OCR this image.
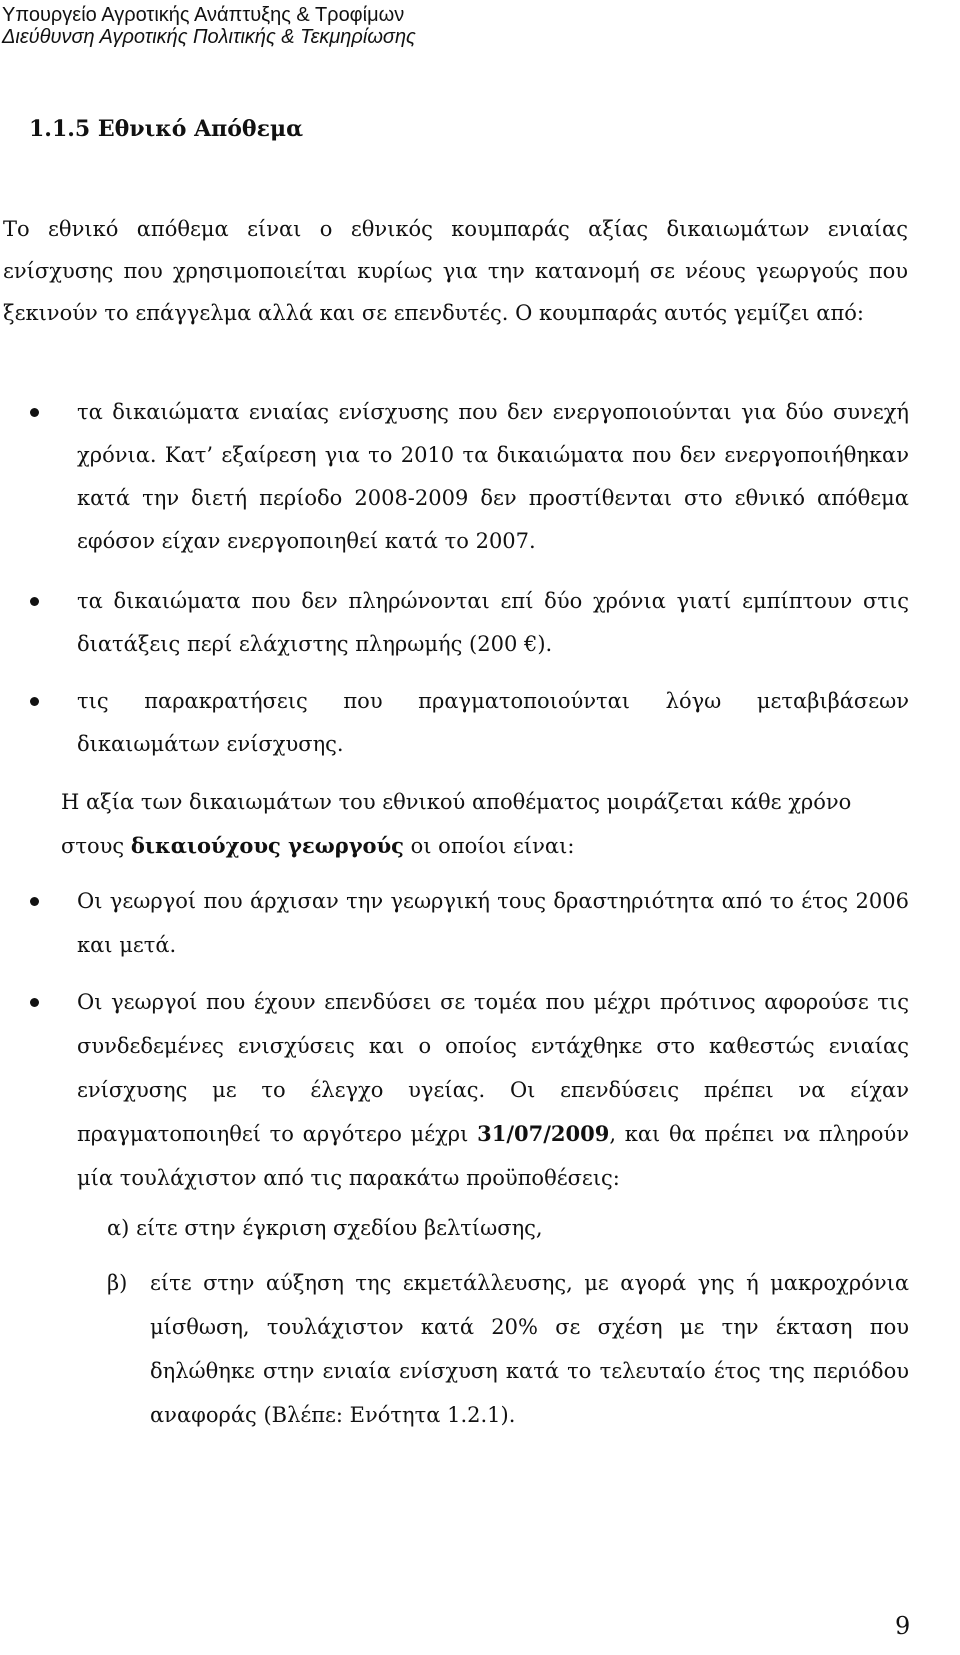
Υπουργείο Αγροτικής Ανάπτυξης & Τροφίμων
Διεύθυνση Αγροτικής Πολιτικής & Τεκμηρίωσης
1.1.5 Εθνικό Απόθεμα
Το εθνικό απόθεμα είναι ο εθνικός κουμπαράς αξίας δικαιωμάτων ενιαίας ενίσχυσης που χρησιμοποιείται κυρίως για την κατανομή σε νέους γεωργούς που ξεκινούν το επάγγελμα αλλά και σε επενδυτές. Ο κουμπαράς αυτός γεμίζει από:
τα δικαιώματα ενιαίας ενίσχυσης που δεν ενεργοποιούνται για δύο συνεχή χρόνια. Κατ’ εξαίρεση για το 2010 τα δικαιώματα που δεν ενεργοποιήθηκαν κατά την διετή περίοδο 2008-2009 δεν προστίθενται στο εθνικό απόθεμα εφόσον είχαν ενεργοποιηθεί κατά το 2007.
τα δικαιώματα που δεν πληρώνονται επί δύο χρόνια γιατί εμπίπτουν στις διατάξεις περί ελάχιστης πληρωμής (200 €).
τις παρακρατήσεις που πραγματοποιούνται λόγω μεταβιβάσεων δικαιωμάτων ενίσχυσης.
Η αξία των δικαιωμάτων του εθνικού αποθέματος μοιράζεται κάθε χρόνο στους δικαιούχους γεωργούς οι οποίοι είναι:
Οι γεωργοί που άρχισαν την γεωργική τους δραστηριότητα από το έτος 2006 και μετά.
Οι γεωργοί που έχουν επενδύσει σε τομέα που μέχρι πρότινος αφορούσε τις συνδεδεμένες ενισχύσεις και ο οποίος εντάχθηκε στο καθεστώς ενιαίας ενίσχυσης με το έλεγχο υγείας. Οι επενδύσεις πρέπει να είχαν πραγματοποιηθεί το αργότερο μέχρι 31/07/2009, και θα πρέπει να πληρούν μία τουλάχιστον από τις παρακάτω προϋποθέσεις:
α) είτε στην έγκριση σχεδίου βελτίωσης,
β) είτε στην αύξηση της εκμετάλλευσης, με αγορά γης ή μακροχρόνια μίσθωση, τουλάχιστον κατά 20% σε σχέση με την έκταση που δηλώθηκε στην ενιαία ενίσχυση κατά το τελευταίο έτος της περιόδου αναφοράς (Βλέπε: Ενότητα 1.2.1).
9
